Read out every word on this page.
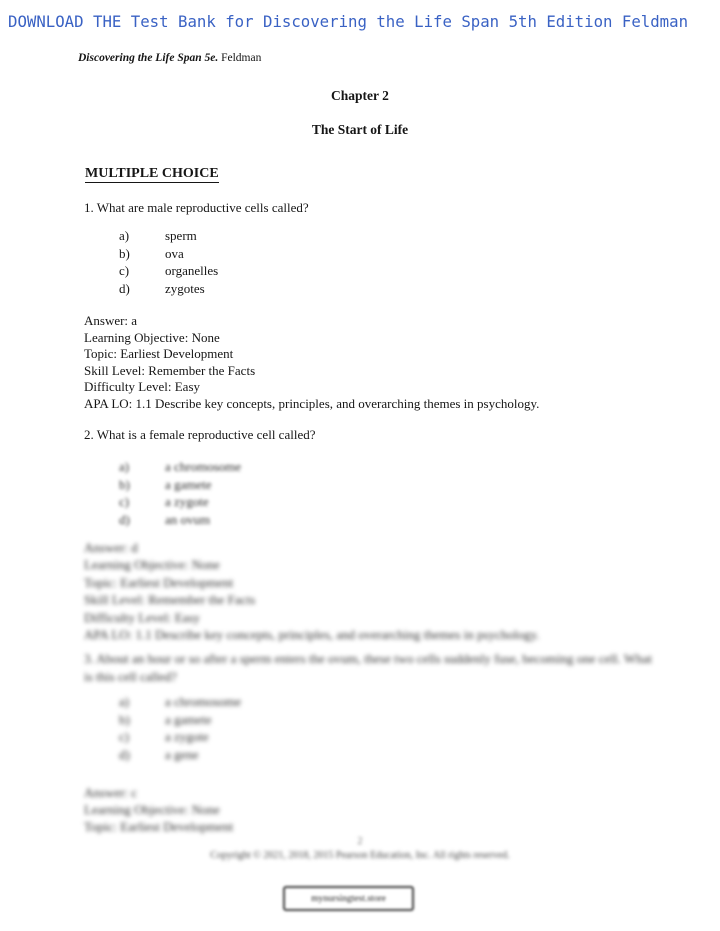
DOWNLOAD THE Test Bank for Discovering the Life Span 5th Edition Feldman
Discovering the Life Span 5e. Feldman
Chapter 2
The Start of Life
MULTIPLE CHOICE
1. What are male reproductive cells called?
a)	sperm
b)	ova
c)	organelles
d)	zygotes
Answer: a
Learning Objective: None
Topic: Earliest Development
Skill Level: Remember the Facts
Difficulty Level: Easy
APA LO: 1.1 Describe key concepts, principles, and overarching themes in psychology.
2. What is a female reproductive cell called?
a)	a chromosome
b)	a gamete
c)	a zygote
d)	an ovum
Answer: d
Learning Objective: None
Topic: Earliest Development
Skill Level: Remember the Facts
Difficulty Level: Easy
APA LO: 1.1 Describe key concepts, principles, and overarching themes in psychology.
3. About an hour or so after a sperm enters the ovum, these two cells suddenly fuse, becoming one cell. What is this cell called?
a)	a chromosome
b)	a gamete
c)	a zygote
d)	a gene
Answer: c
Learning Objective: None
Topic: Earliest Development
2
Copyright © 2021, 2018, 2015 Pearson Education, Inc. All rights reserved.
mynursingtest.store
